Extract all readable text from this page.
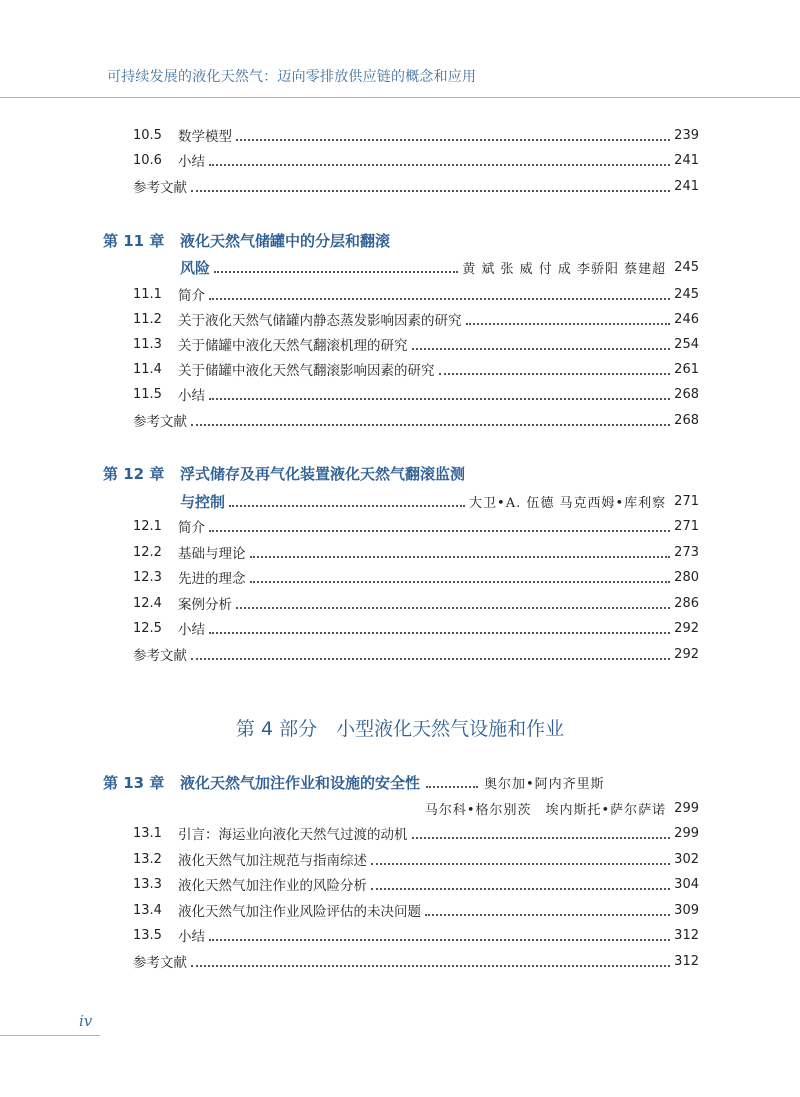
可持续发展的液化天然气：迈向零排放供应链的概念和应用
10.5	数学模型	239
10.6	小结	241
参考文献	241
第 11 章	液化天然气储罐中的分层和翻滚
风险	黄 斌 张 威 付 成 李骄阳 蔡建超 245
11.1	简介	245
11.2	关于液化天然气储罐内静态蒸发影响因素的研究	246
11.3	关于储罐中液化天然气翻滚机理的研究	254
11.4	关于储罐中液化天然气翻滚影响因素的研究	261
11.5	小结	268
参考文献	268
第 12 章	浮式储存及再气化装置液化天然气翻滚监测
与控制	大卫•A. 伍德 马克西姆•库利察 271
12.1	简介	271
12.2	基础与理论	273
12.3	先进的理念	280
12.4	案例分析	286
12.5	小结	292
参考文献	292
第 4 部分　小型液化天然气设施和作业
第 13 章	液化天然气加注作业和设施的安全性	奥尔加•阿内齐里斯
马尔科•格尔别茨　埃内斯托•萨尔萨诺 299
13.1	引言：海运业向液化天然气过渡的动机	299
13.2	液化天然气加注规范与指南综述	302
13.3	液化天然气加注作业的风险分析	304
13.4	液化天然气加注作业风险评估的未决问题	309
13.5	小结	312
参考文献	312
iv
